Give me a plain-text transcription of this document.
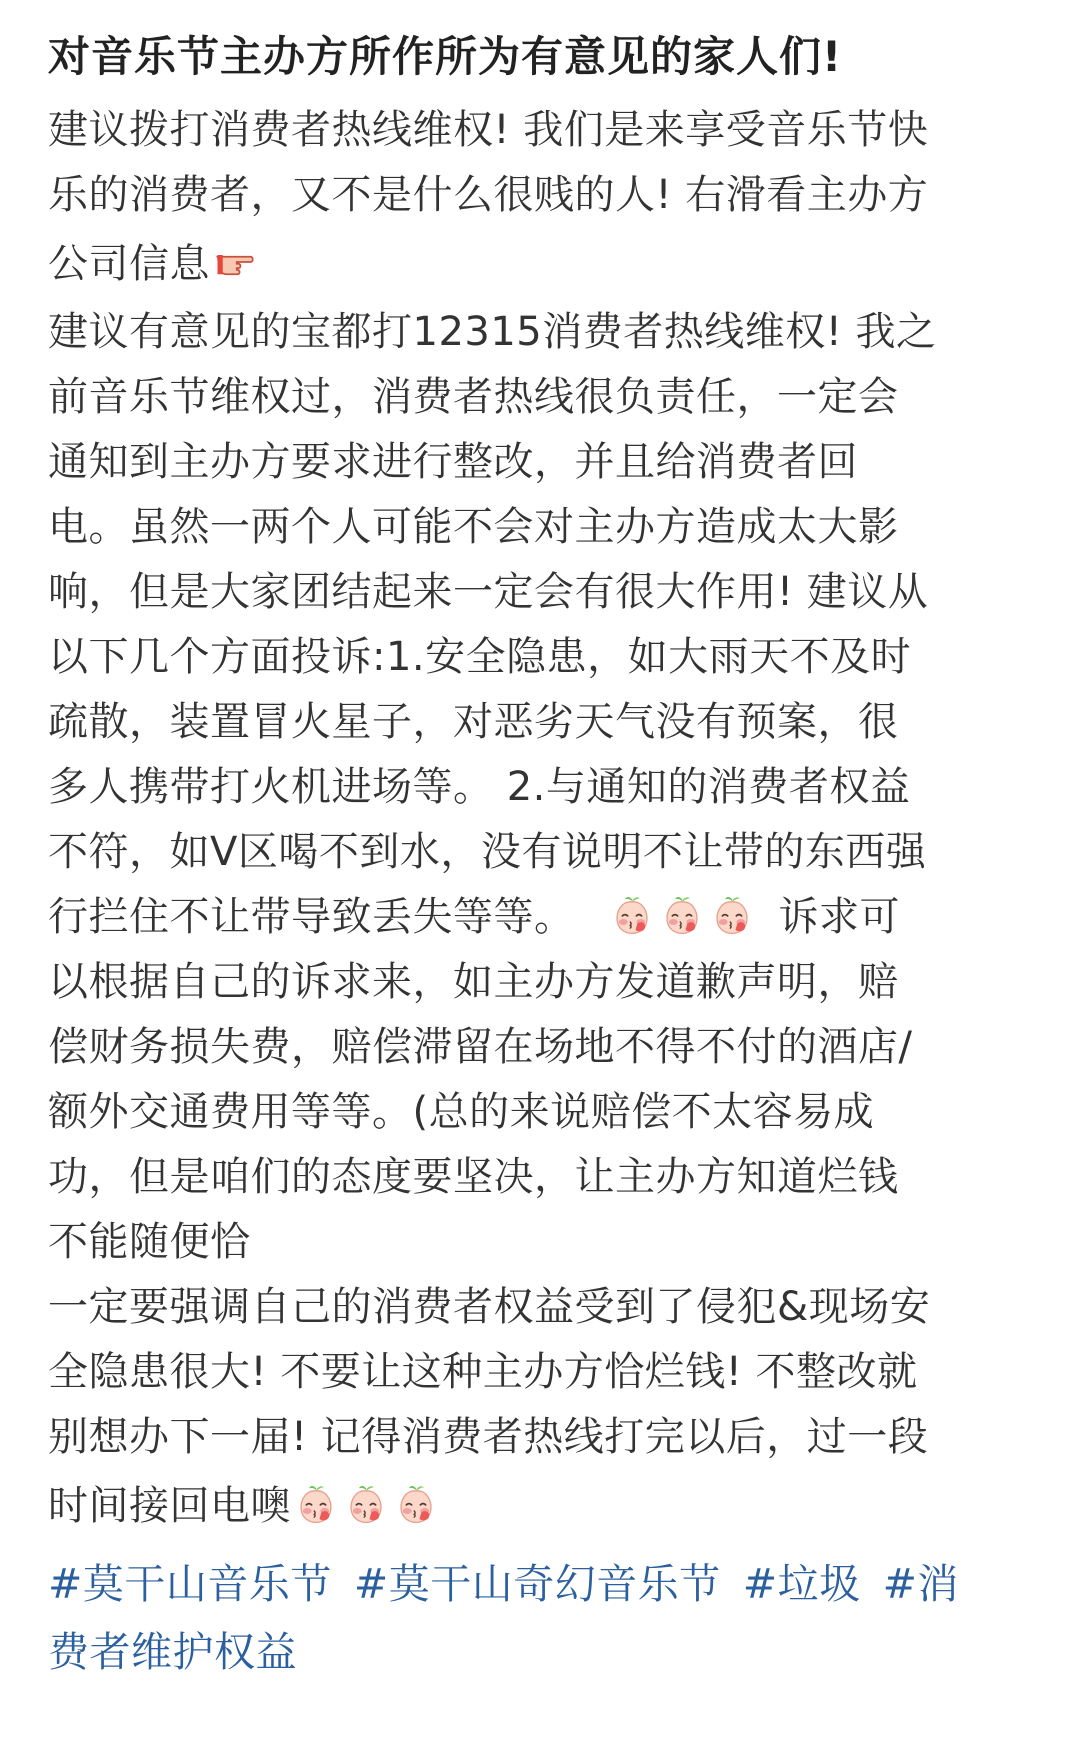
对音乐节主办方所作所为有意见的家人们!
建议拨打消费者热线维权! 我们是来享受音乐节快
乐的消费者，又不是什么很贱的人! 右滑看主办方
公司信息
建议有意见的宝都打12315消费者热线维权! 我之
前音乐节维权过，消费者热线很负责任，一定会
通知到主办方要求进行整改，并且给消费者回
电。虽然一两个人可能不会对主办方造成太大影
响，但是大家团结起来一定会有很大作用! 建议从
以下几个方面投诉:1.安全隐患，如大雨天不及时
疏散，装置冒火星子，对恶劣天气没有预案，很
多人携带打火机进场等。 2.与通知的消费者权益
不符，如V区喝不到水，没有说明不让带的东西强
行拦住不让带导致丢失等等。	诉求可
以根据自己的诉求来，如主办方发道歉声明，赔
偿财务损失费，赔偿滞留在场地不得不付的酒店/
额外交通费用等等。(总的来说赔偿不太容易成
功，但是咱们的态度要坚决，让主办方知道烂钱
不能随便恰
一定要强调自己的消费者权益受到了侵犯&现场安
全隐患很大! 不要让这种主办方恰烂钱! 不整改就
别想办下一届! 记得消费者热线打完以后，过一段
时间接回电噢
#莫干山音乐节 #莫干山奇幻音乐节 #垃圾 #消
费者维护权益
